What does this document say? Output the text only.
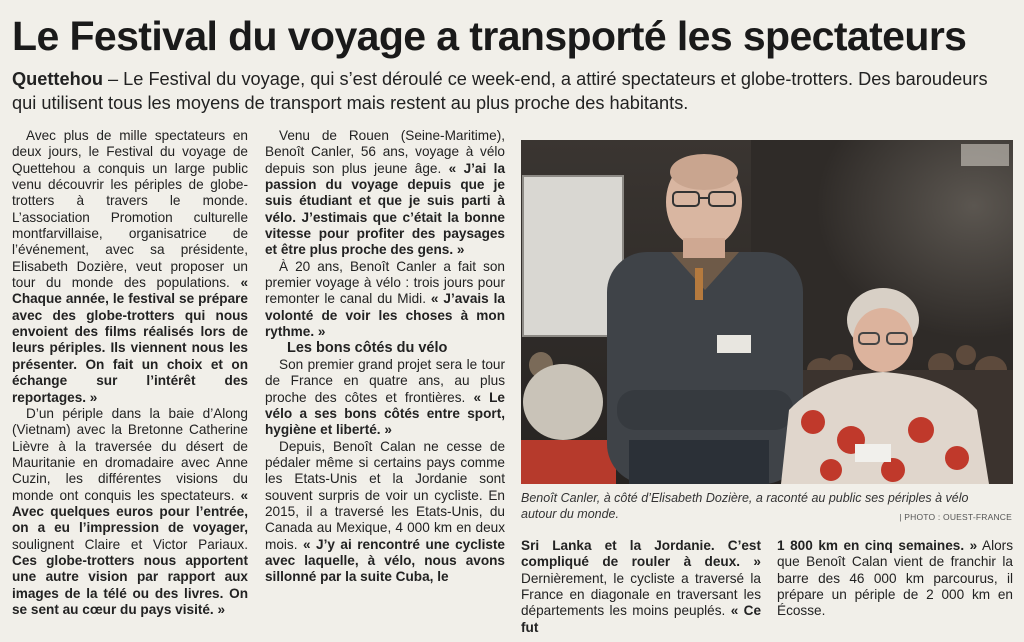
Le Festival du voyage a transporté les spectateurs
Quettehou – Le Festival du voyage, qui s’est déroulé ce week-end, a attiré spectateurs et globe-trotters. Des baroudeurs qui utilisent tous les moyens de transport mais restent au plus proche des habitants.

Avec plus de mille spectateurs en deux jours, le Festival du voyage de Quettehou a conquis un large public venu découvrir les périples de globe-trotters à travers le monde. L’association Promotion culturelle montfarvillaise, organisatrice de l’événement, avec sa présidente, Elisabeth Dozière, veut proposer un tour du monde des populations. « Chaque année, le festival se prépare avec des globe-trotters qui nous envoient des films réalisés lors de leurs périples. Ils viennent nous les présenter. On fait un choix et on échange sur l’intérêt des reportages. »

D’un périple dans la baie d’Along (Vietnam) avec la Bretonne Catherine Lièvre à la traversée du désert de Mauritanie en dromadaire avec Anne Cuzin, les différentes visions du monde ont conquis les spectateurs. « Avec quelques euros pour l’entrée, on a eu l’impression de voyager, soulignent Claire et Victor Pariaux. Ces globe-trotters nous apportent une autre vision par rapport aux images de la télé ou des livres. On se sent au cœur du pays visité. »

Venu de Rouen (Seine-Maritime), Benoît Canler, 56 ans, voyage à vélo depuis son plus jeune âge. « J’ai la passion du voyage depuis que je suis étudiant et que je suis parti à vélo. J’estimais que c’était la bonne vitesse pour profiter des paysages et être plus proche des gens. »

À 20 ans, Benoît Canler a fait son premier voyage à vélo : trois jours pour remonter le canal du Midi. « J’avais la volonté de voir les choses à mon rythme. »

Les bons côtés du vélo

Son premier grand projet sera le tour de France en quatre ans, au plus proche des côtes et frontières. « Le vélo a ses bons côtés entre sport, hygiène et liberté. »

Depuis, Benoît Calan ne cesse de pédaler même si certains pays comme les Etats-Unis et la Jordanie sont souvent surpris de voir un cycliste. En 2015, il a traversé les Etats-Unis, du Canada au Mexique, 4 000 km en deux mois. « J’y ai rencontré une cycliste avec laquelle, à vélo, nous avons sillonné par la suite Cuba, le

Benoît Canler, à côté d’Elisabeth Dozière, a raconté au public ses périples à vélo autour du monde.	| PHOTO : OUEST-FRANCE

Sri Lanka et la Jordanie. C’est compliqué de rouler à deux. » Dernièrement, le cycliste a traversé la France en diagonale en traversant les départements les moins peuplés. « Ce fut

1 800 km en cinq semaines. » Alors que Benoît Calan vient de franchir la barre des 46 000 km parcourus, il prépare un périple de 2 000 km en Écosse.
